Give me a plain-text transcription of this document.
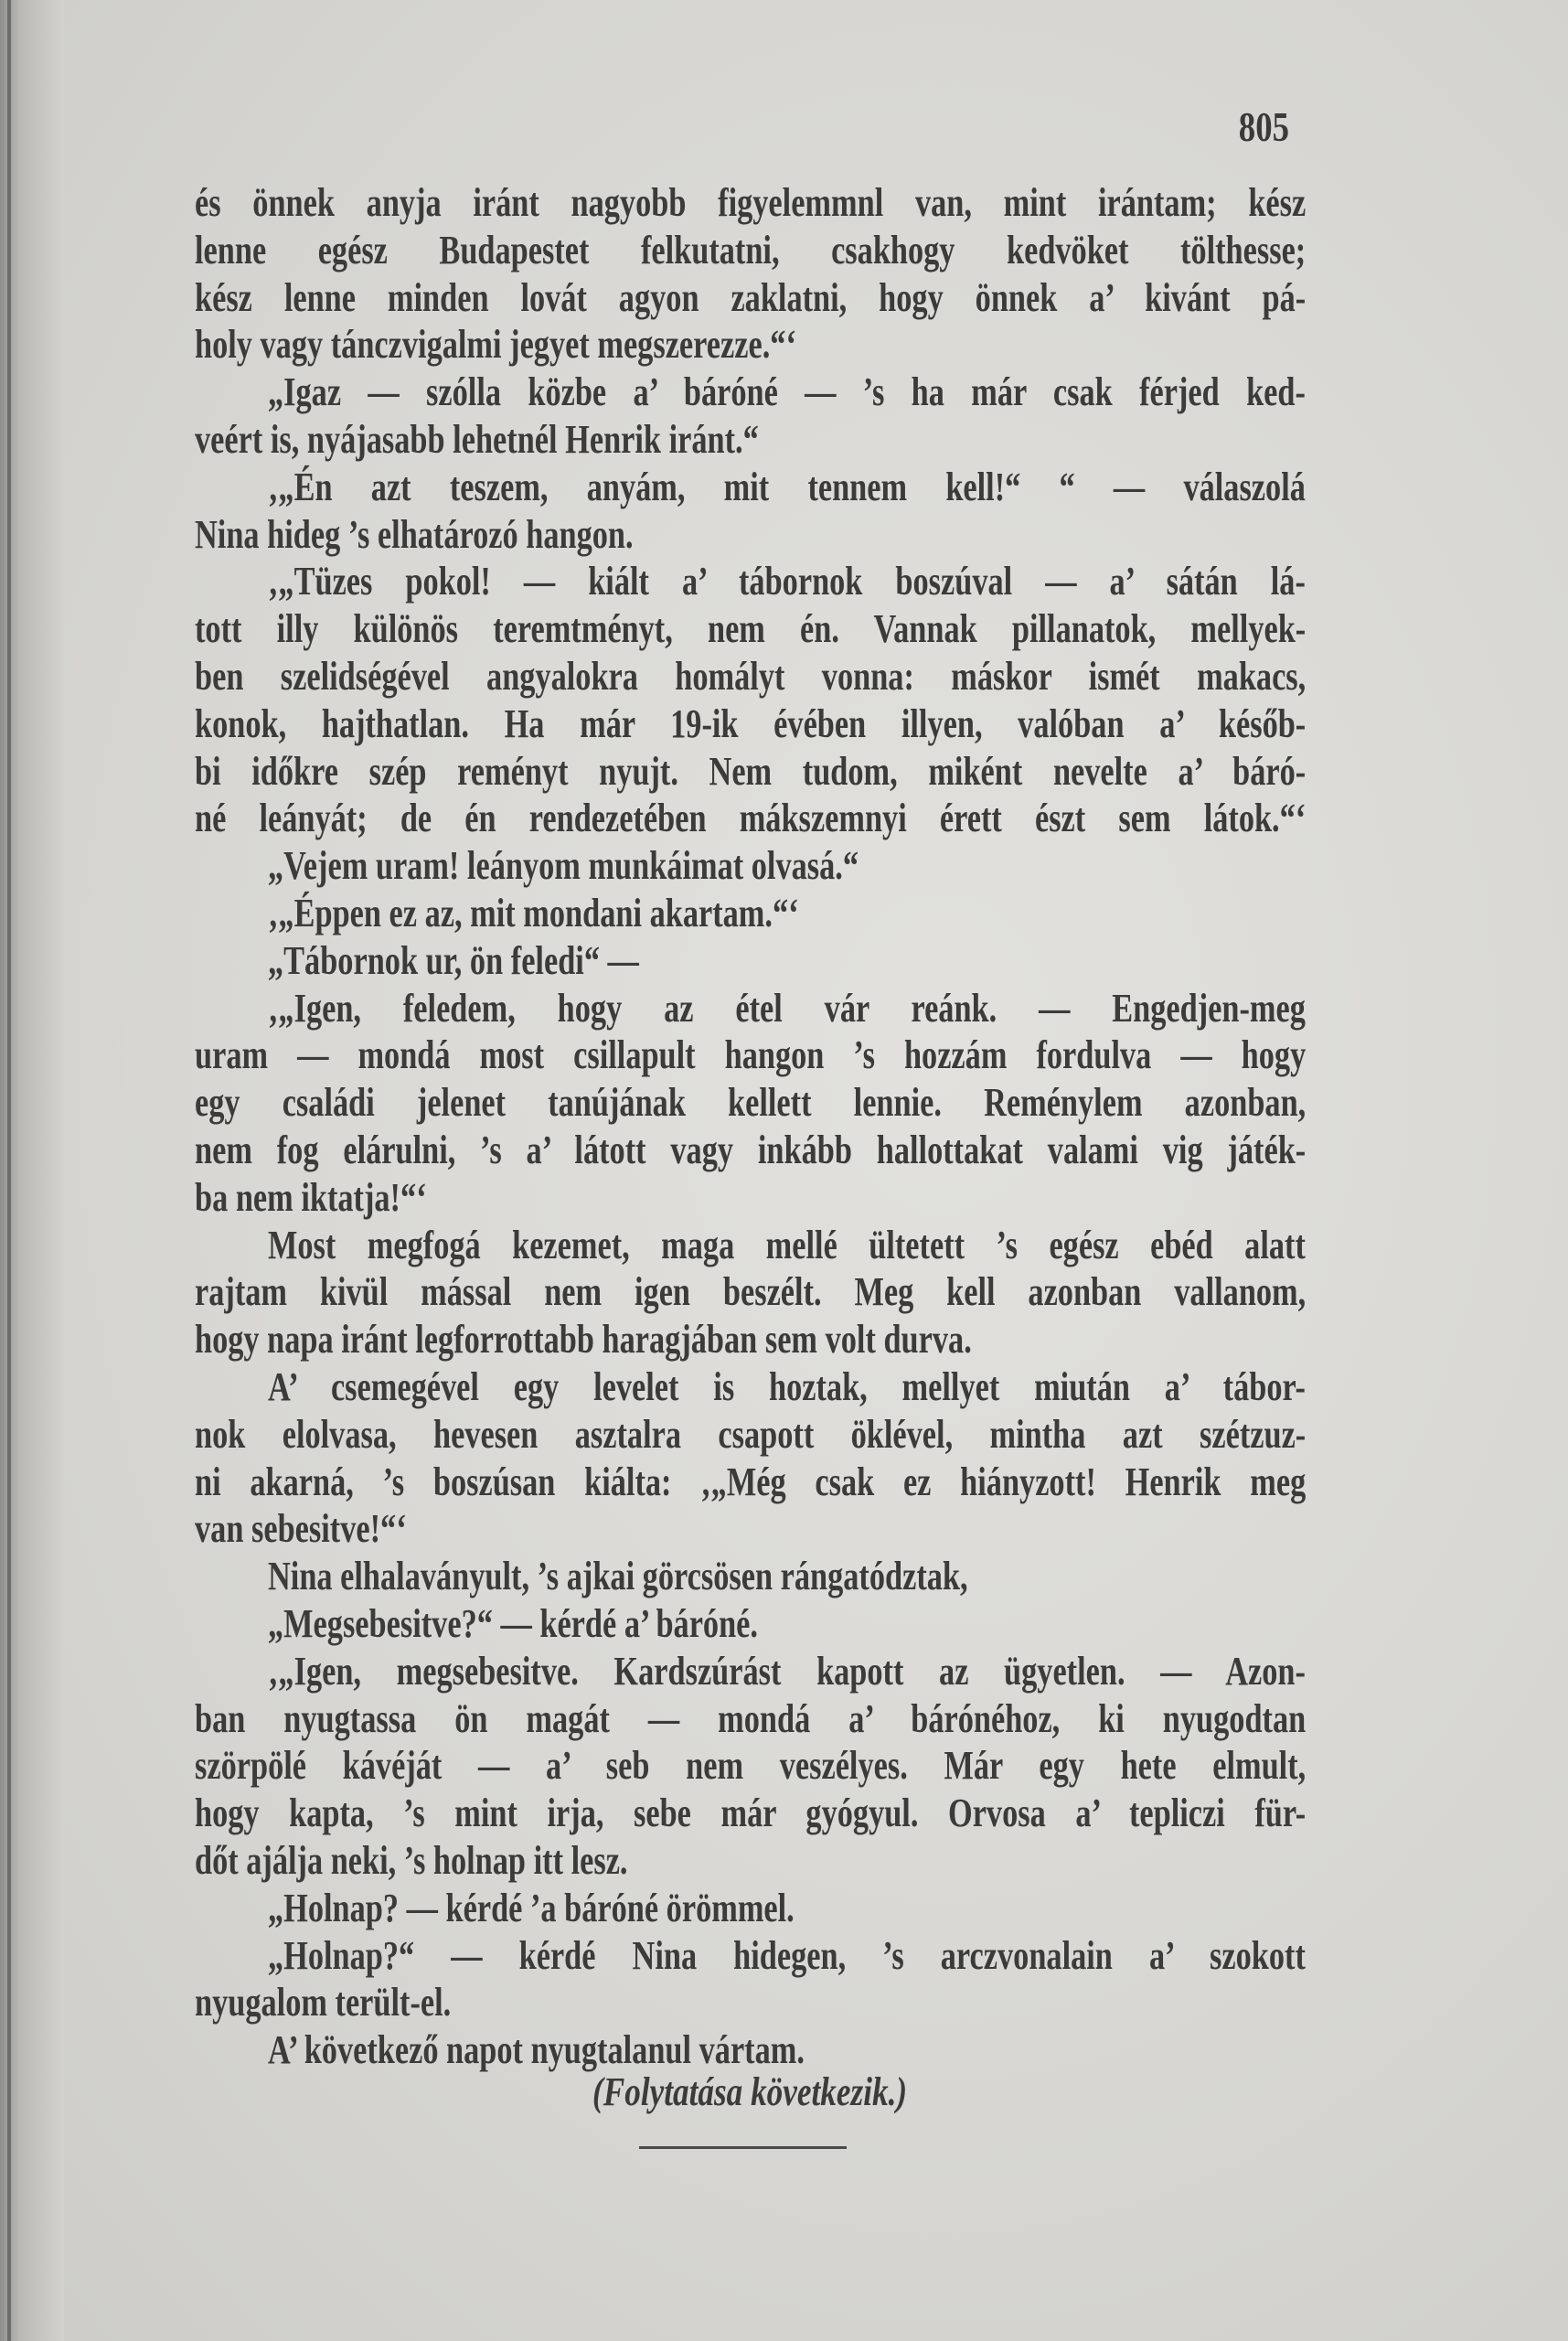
805
és önnek anyja iránt nagyobb figyelemmnl van, mint irántam; kész
lenne egész Budapestet felkutatni, csakhogy kedvöket tölthesse;
kész lenne minden lovát agyon zaklatni, hogy önnek a’ kivánt pá-
holy vagy tánczvigalmi jegyet megszerezze.“‘
„Igaz — szólla közbe a’ báróné — ’s ha már csak férjed ked-
veért is, nyájasabb lehetnél Henrik iránt.“
‚„Én azt teszem, anyám, mit tennem kell!“ “ — válaszolá
Nina hideg ’s elhatározó hangon.
‚„Tüzes pokol! — kiált a’ tábornok boszúval — a’ sátán lá-
tott illy különös teremtményt, nem én. Vannak pillanatok, mellyek-
ben szelidségével angyalokra homályt vonna: máskor ismét makacs,
konok, hajthatlan. Ha már 19-ik évében illyen, valóban a’ későb-
bi időkre szép reményt nyujt. Nem tudom, miként nevelte a’ báró-
né leányát; de én rendezetében mákszemnyi érett észt sem látok.“‘
„Vejem uram! leányom munkáimat olvasá.“
‚„Éppen ez az, mit mondani akartam.“‘
„Tábornok ur, ön feledi“ —
‚„Igen, feledem, hogy az étel vár reánk. — Engedjen-meg
uram — mondá most csillapult hangon ’s hozzám fordulva — hogy
egy családi jelenet tanújának kellett lennie. Reménylem azonban,
nem fog elárulni, ’s a’ látott vagy inkább hallottakat valami vig játék-
ba nem iktatja!“‘
Most megfogá kezemet, maga mellé ültetett ’s egész ebéd alatt
rajtam kivül mással nem igen beszélt. Meg kell azonban vallanom,
hogy napa iránt legforrottabb haragjában sem volt durva.
A’ csemegével egy levelet is hoztak, mellyet miután a’ tábor-
nok elolvasa, hevesen asztalra csapott öklével, mintha azt szétzuz-
ni akarná, ’s boszúsan kiálta: ‚„Még csak ez hiányzott! Henrik meg
van sebesitve!“‘
Nina elhalaványult, ’s ajkai görcsösen rángatództak,
„Megsebesitve?“ — kérdé a’ báróné.
‚„Igen, megsebesitve. Kardszúrást kapott az ügyetlen. — Azon-
ban nyugtassa ön magát — mondá a’ bárónéhoz, ki nyugodtan
szörpölé kávéját — a’ seb nem veszélyes. Már egy hete elmult,
hogy kapta, ’s mint irja, sebe már gyógyul. Orvosa a’ tepliczi für-
dőt ajálja neki, ’s holnap itt lesz.
„Holnap? — kérdé ’a báróné örömmel.
„Holnap?“ — kérdé Nina hidegen, ’s arczvonalain a’ szokott
nyugalom terült-el.
A’ következő napot nyugtalanul vártam.
(Folytatása következik.)
